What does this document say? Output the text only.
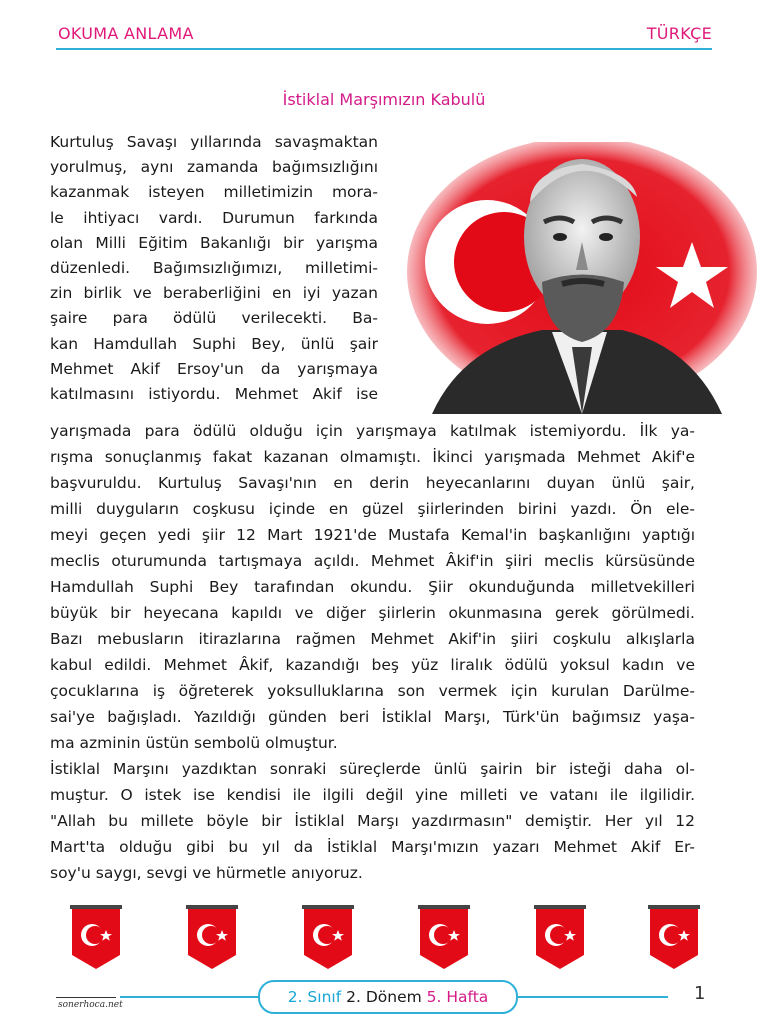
OKUMA ANLAMA	TÜRKÇE
İstiklal Marşımızın Kabulü
Kurtuluş Savaşı yıllarında savaşmaktan
yorulmuş, aynı zamanda bağımsızlığını
kazanmak isteyen milletimizin mora-
le ihtiyacı vardı. Durumun farkında
olan Milli Eğitim Bakanlığı bir yarışma
düzenledi. Bağımsızlığımızı, milletimi-
zin birlik ve beraberliğini en iyi yazan
şaire para ödülü verilecekti. Ba-
kan Hamdullah Suphi Bey, ünlü şair
Mehmet Akif Ersoy'un da yarışmaya
katılmasını istiyordu. Mehmet Akif ise
yarışmada para ödülü olduğu için yarışmaya katılmak istemiyordu. İlk ya-
rışma sonuçlanmış fakat kazanan olmamıştı. İkinci yarışmada Mehmet Akif'e
başvuruldu. Kurtuluş Savaşı'nın en derin heyecanlarını duyan ünlü şair,
milli duyguların coşkusu içinde en güzel şiirlerinden birini yazdı. Ön ele-
meyi geçen yedi şiir 12 Mart 1921'de Mustafa Kemal'in başkanlığını yaptığı
meclis oturumunda tartışmaya açıldı. Mehmet Âkif'in şiiri meclis kürsüsünde
Hamdullah Suphi Bey tarafından okundu. Şiir okunduğunda milletvekilleri
büyük bir heyecana kapıldı ve diğer şiirlerin okunmasına gerek görülmedi.
Bazı mebusların itirazlarına rağmen Mehmet Akif'in şiiri coşkulu alkışlarla
kabul edildi. Mehmet Âkif, kazandığı beş yüz liralık ödülü yoksul kadın ve
çocuklarına iş öğreterek yoksulluklarına son vermek için kurulan Darülme-
sai'ye bağışladı. Yazıldığı günden beri İstiklal Marşı, Türk'ün bağımsız yaşa-
ma azminin üstün sembolü olmuştur.
İstiklal Marşını yazdıktan sonraki süreçlerde ünlü şairin bir isteği daha ol-
muştur. O istek ise kendisi ile ilgili değil yine milleti ve vatanı ile ilgilidir.
"Allah bu millete böyle bir İstiklal Marşı yazdırmasın" demiştir. Her yıl 12
Mart'ta olduğu gibi bu yıl da İstiklal Marşı'mızın yazarı Mehmet Akif Er-
soy'u saygı, sevgi ve hürmetle anıyoruz.
sonerhoca.net	2. Sınıf 2. Dönem 5. Hafta	1
